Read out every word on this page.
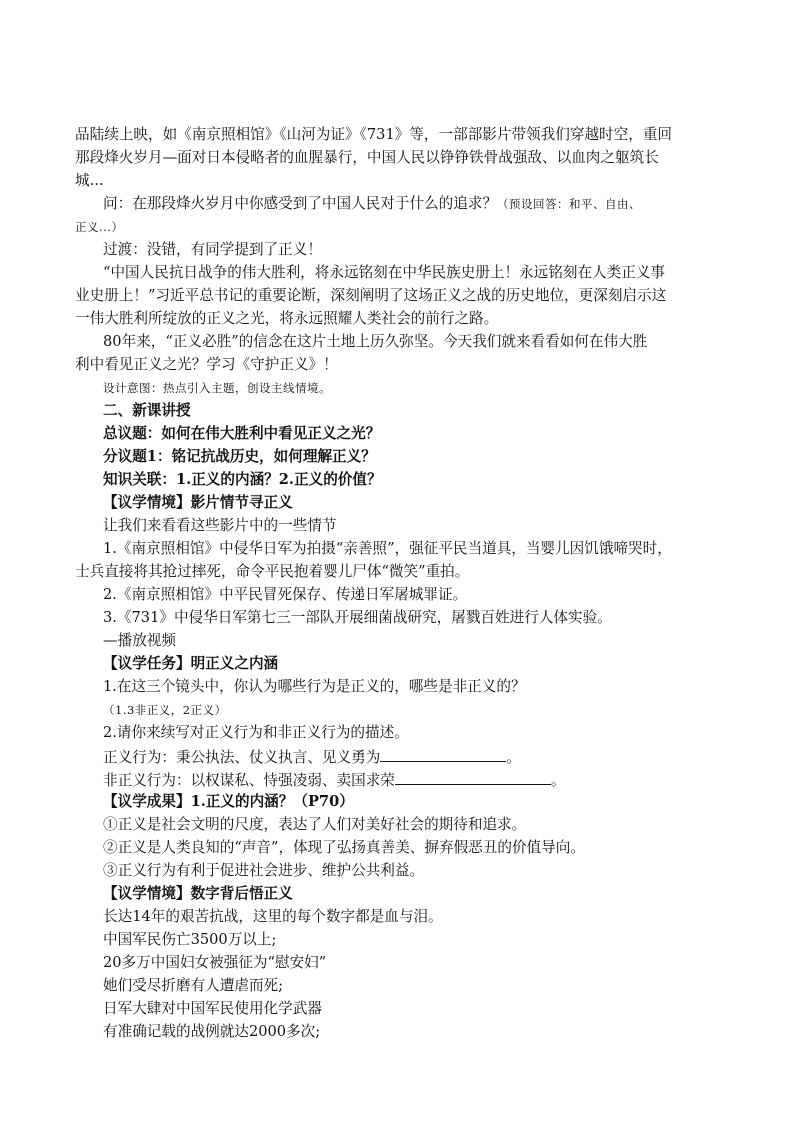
品陆续上映，如《南京照相馆》《山河为证》《731》等，一部部影片带领我们穿越时空，重回
那段烽火岁月—面对日本侵略者的血腥暴行，中国人民以铮铮铁骨战强敌、以血肉之躯筑长
城...
问：在那段烽火岁月中你感受到了中国人民对于什么的追求？（预设回答：和平、自由、
正义...）
过渡：没错，有同学提到了正义！
“中国人民抗日战争的伟大胜利，将永远铭刻在中华民族史册上！永远铭刻在人类正义事
业史册上！”习近平总书记的重要论断，深刻阐明了这场正义之战的历史地位，更深刻启示这
一伟大胜利所绽放的正义之光，将永远照耀人类社会的前行之路。
80年来，“正义必胜”的信念在这片土地上历久弥坚。今天我们就来看看如何在伟大胜
利中看见正义之光？学习《守护正义》！
设计意图：热点引入主题，创设主线情境。
二、新课讲授
总议题：如何在伟大胜利中看见正义之光？
分议题1：铭记抗战历史，如何理解正义？
知识关联：1.正义的内涵？2.正义的价值？
【议学情境】影片情节寻正义
让我们来看看这些影片中的一些情节
1.《南京照相馆》中侵华日军为拍摄“亲善照”，强征平民当道具，当婴儿因饥饿啼哭时，
士兵直接将其抢过摔死，命令平民抱着婴儿尸体“微笑”重拍。
2.《南京照相馆》中平民冒死保存、传递日军屠城罪证。
3.《731》中侵华日军第七三一部队开展细菌战研究，屠戮百姓进行人体实验。
—播放视频
【议学任务】明正义之内涵
1.在这三个镜头中，你认为哪些行为是正义的，哪些是非正义的？
（1.3非正义，2正义）
2.请你来续写对正义行为和非正义行为的描述。
正义行为：秉公执法、仗义执言、见义勇为	。
非正义行为：以权谋私、恃强凌弱、卖国求荣	。
【议学成果】1.正义的内涵？（P70）
①正义是社会文明的尺度，表达了人们对美好社会的期待和追求。
②正义是人类良知的“声音”，体现了弘扬真善美、摒弃假恶丑的价值导向。
③正义行为有利于促进社会进步、维护公共利益。
【议学情境】数字背后悟正义
长达14年的艰苦抗战，这里的每个数字都是血与泪。
中国军民伤亡3500万以上;
20多万中国妇女被强征为“慰安妇”
她们受尽折磨有人遭虐而死;
日军大肆对中国军民使用化学武器
有准确记载的战例就达2000多次;
